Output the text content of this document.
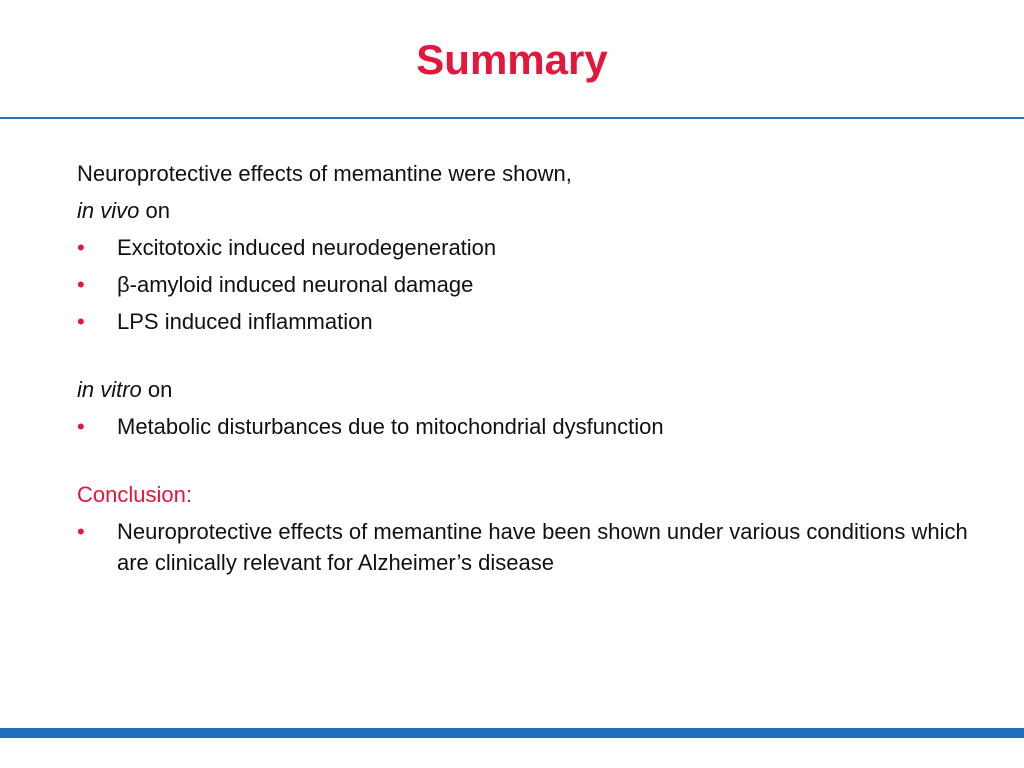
Summary
Neuroprotective effects of memantine were shown,
in vivo on
• Excitotoxic induced neurodegeneration
• β-amyloid induced neuronal damage
• LPS induced inflammation
in vitro on
• Metabolic disturbances due to mitochondrial dysfunction
Conclusion:
• Neuroprotective effects of memantine have been shown under various conditions which are clinically relevant for Alzheimer’s disease
